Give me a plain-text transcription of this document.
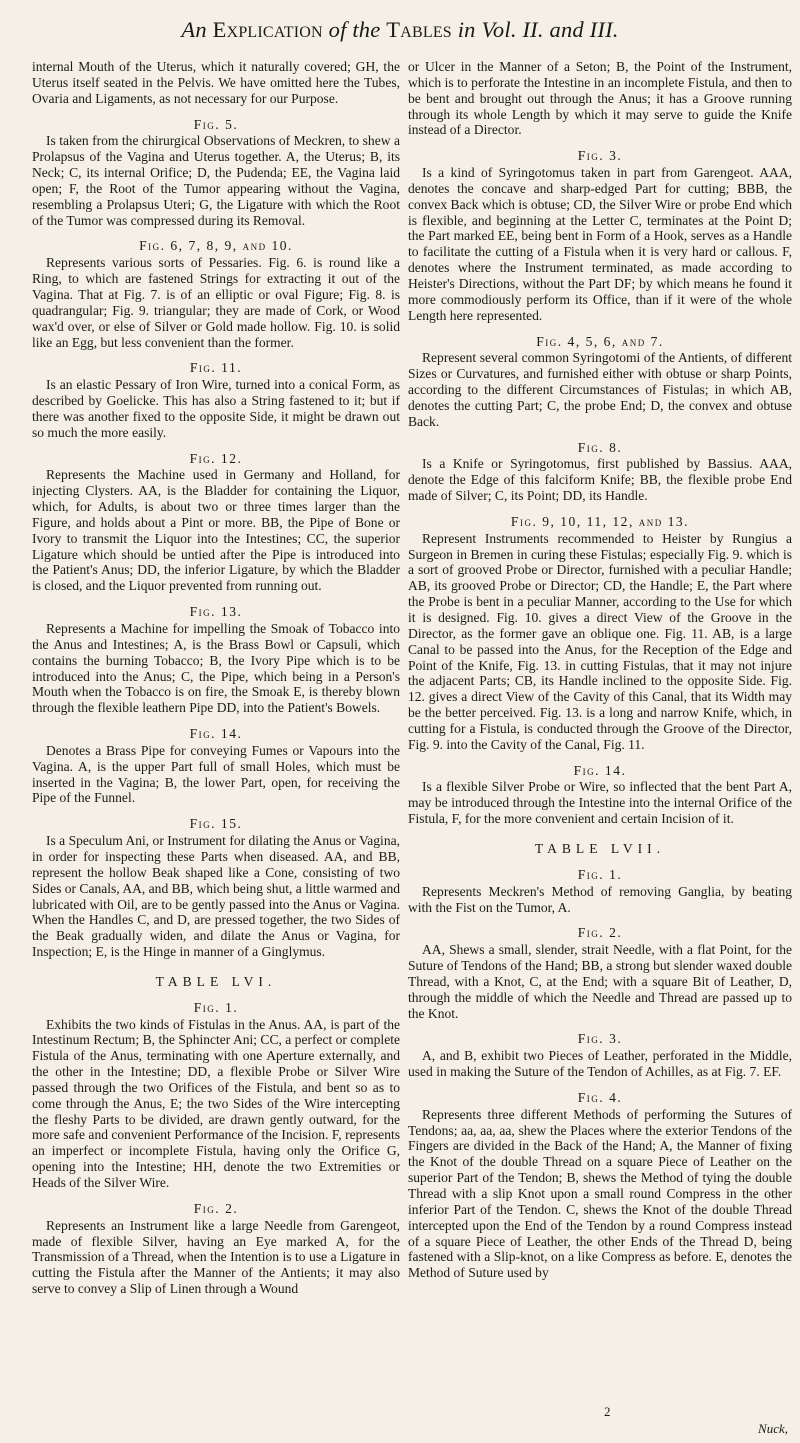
An Explication of the Tables in Vol. II. and III.

internal Mouth of the Uterus, which it naturally covered; GH, the Uterus itself seated in the Pelvis. We have omitted here the Tubes, Ovaria and Ligaments, as not necessary for our Purpose.

Fig. 5.

Is taken from the chirurgical Observations of Meckren, to shew a Prolapsus of the Vagina and Uterus together. A, the Uterus; B, its Neck; C, its internal Orifice; D, the Pudenda; EE, the Vagina laid open; F, the Root of the Tumor appearing without the Vagina, resembling a Prolapsus Uteri; G, the Ligature with which the Root of the Tumor was compressed during its Removal.

Fig. 6, 7, 8, 9, and 10.

Represents various sorts of Pessaries. Fig. 6. is round like a Ring, to which are fastened Strings for extracting it out of the Vagina. That at Fig. 7. is of an elliptic or oval Figure; Fig. 8. is quadrangular; Fig. 9. triangular; they are made of Cork, or Wood wax'd over, or else of Silver or Gold made hollow. Fig. 10. is solid like an Egg, but less convenient than the former.

Fig. 11.

Is an elastic Pessary of Iron Wire, turned into a conical Form, as described by Goelicke. This has also a String fastened to it; but if there was another fixed to the opposite Side, it might be drawn out so much the more easily.

Fig. 12.

Represents the Machine used in Germany and Holland, for injecting Clysters. AA, is the Bladder for containing the Liquor, which, for Adults, is about two or three times larger than the Figure, and holds about a Pint or more. BB, the Pipe of Bone or Ivory to transmit the Liquor into the Intestines; CC, the superior Ligature which should be untied after the Pipe is introduced into the Patient's Anus; DD, the inferior Ligature, by which the Bladder is closed, and the Liquor prevented from running out.

Fig. 13.

Represents a Machine for impelling the Smoak of Tobacco into the Anus and Intestines; A, is the Brass Bowl or Capsuli, which contains the burning Tobacco; B, the Ivory Pipe which is to be introduced into the Anus; C, the Pipe, which being in a Person's Mouth when the Tobacco is on fire, the Smoak E, is thereby blown through the flexible leathern Pipe DD, into the Patient's Bowels.

Fig. 14.

Denotes a Brass Pipe for conveying Fumes or Vapours into the Vagina. A, is the upper Part full of small Holes, which must be inserted in the Vagina; B, the lower Part, open, for receiving the Pipe of the Funnel.

Fig. 15.

Is a Speculum Ani, or Instrument for dilating the Anus or Vagina, in order for inspecting these Parts when diseased. AA, and BB, represent the hollow Beak shaped like a Cone, consisting of two Sides or Canals, AA, and BB, which being shut, a little warmed and lubricated with Oil, are to be gently passed into the Anus or Vagina. When the Handles C, and D, are pressed together, the two Sides of the Beak gradually widen, and dilate the Anus or Vagina, for Inspection; E, is the Hinge in manner of a Ginglymus.

TABLE LVI.
Fig. 1.

Exhibits the two kinds of Fistulas in the Anus. AA, is part of the Intestinum Rectum; B, the Sphincter Ani; CC, a perfect or complete Fistula of the Anus, terminating with one Aperture externally, and the other in the Intestine; DD, a flexible Probe or Silver Wire passed through the two Orifices of the Fistula, and bent so as to come through the Anus, E; the two Sides of the Wire intercepting the fleshy Parts to be divided, are drawn gently outward, for the more safe and convenient Performance of the Incision. F, represents an imperfect or incomplete Fistula, having only the Orifice G, opening into the Intestine; HH, denote the two Extremities or Heads of the Silver Wire.

Fig. 2.

Represents an Instrument like a large Needle from Garengeot, made of flexible Silver, having an Eye marked A, for the Transmission of a Thread, when the Intention is to use a Ligature in cutting the Fistula after the Manner of the Antients; it may also serve to convey a Slip of Linen through a Wound

or Ulcer in the Manner of a Seton; B, the Point of the Instrument, which is to perforate the Intestine in an incomplete Fistula, and then to be bent and brought out through the Anus; it has a Groove running through its whole Length by which it may serve to guide the Knife instead of a Director.

Fig. 3.

Is a kind of Syringotomus taken in part from Garengeot. AAA, denotes the concave and sharp-edged Part for cutting; BBB, the convex Back which is obtuse; CD, the Silver Wire or probe End which is flexible, and beginning at the Letter C, terminates at the Point D; the Part marked EE, being bent in Form of a Hook, serves as a Handle to facilitate the cutting of a Fistula when it is very hard or callous. F, denotes where the Instrument terminated, as made according to Heister's Directions, without the Part DF; by which means he found it more commodiously perform its Office, than if it were of the whole Length here represented.

Fig. 4, 5, 6, and 7.

Represent several common Syringotomi of the Antients, of different Sizes or Curvatures, and furnished either with obtuse or sharp Points, according to the different Circumstances of Fistulas; in which AB, denotes the cutting Part; C, the probe End; D, the convex and obtuse Back.

Fig. 8.

Is a Knife or Syringotomus, first published by Bassius. AAA, denote the Edge of this falciform Knife; BB, the flexible probe End made of Silver; C, its Point; DD, its Handle.

Fig. 9, 10, 11, 12, and 13.

Represent Instruments recommended to Heister by Rungius a Surgeon in Bremen in curing these Fistulas; especially Fig. 9. which is a sort of grooved Probe or Director, furnished with a peculiar Handle; AB, its grooved Probe or Director; CD, the Handle; E, the Part where the Probe is bent in a peculiar Manner, according to the Use for which it is designed. Fig. 10. gives a direct View of the Groove in the Director, as the former gave an oblique one. Fig. 11. AB, is a large Canal to be passed into the Anus, for the Reception of the Edge and Point of the Knife, Fig. 13. in cutting Fistulas, that it may not injure the adjacent Parts; CB, its Handle inclined to the opposite Side. Fig. 12. gives a direct View of the Cavity of this Canal, that its Width may be the better perceived. Fig. 13. is a long and narrow Knife, which, in cutting for a Fistula, is conducted through the Groove of the Director, Fig. 9. into the Cavity of the Canal, Fig. 11.

Fig. 14.

Is a flexible Silver Probe or Wire, so inflected that the bent Part A, may be introduced through the Intestine into the internal Orifice of the Fistula, F, for the more convenient and certain Incision of it.

TABLE LVII.
Fig. 1.

Represents Meckren's Method of removing Ganglia, by beating with the Fist on the Tumor, A.

Fig. 2.

AA, Shews a small, slender, strait Needle, with a flat Point, for the Suture of Tendons of the Hand; BB, a strong but slender waxed double Thread, with a Knot, C, at the End; with a square Bit of Leather, D, through the middle of which the Needle and Thread are passed up to the Knot.

Fig. 3.

A, and B, exhibit two Pieces of Leather, perforated in the Middle, used in making the Suture of the Tendon of Achilles, as at Fig. 7. EF.

Fig. 4.

Represents three different Methods of performing the Sutures of Tendons; aa, aa, aa, shew the Places where the exterior Tendons of the Fingers are divided in the Back of the Hand; A, the Manner of fixing the Knot of the double Thread on a square Piece of Leather on the superior Part of the Tendon; B, shews the Method of tying the double Thread with a slip Knot upon a small round Compress in the other inferior Part of the Tendon. C, shews the Knot of the double Thread intercepted upon the End of the Tendon by a round Compress instead of a square Piece of Leather, the other Ends of the Thread D, being fastened with a Slip-knot, on a like Compress as before. E, denotes the Method of Suture used by

2
Nuck,
